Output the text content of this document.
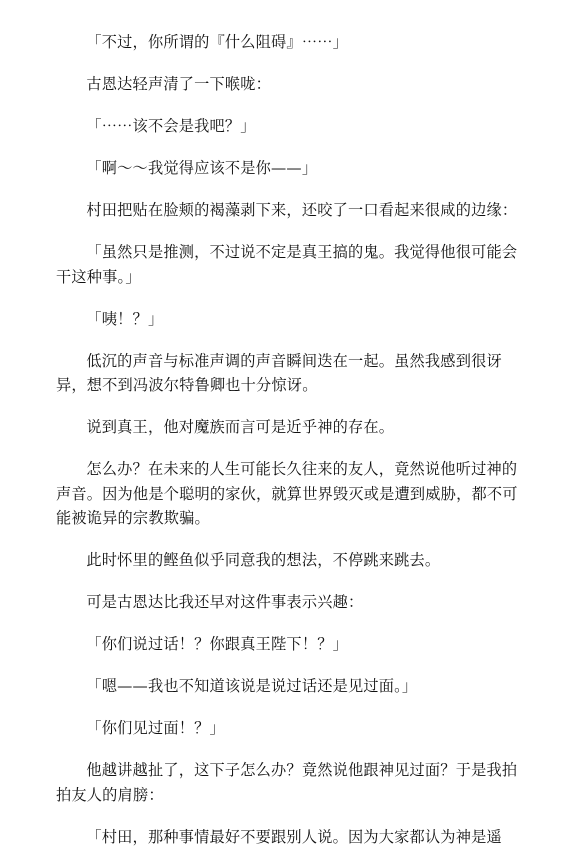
「不过，你所谓的『什么阻碍』⋯⋯」

古恩达轻声清了一下喉咙：

「⋯⋯该不会是我吧？」

「啊～～我觉得应该不是你——」

村田把贴在脸颊的褐藻剥下来，还咬了一口看起来很咸的边缘：

「虽然只是推测，不过说不定是真王搞的鬼。我觉得他很可能会干这种事。」

「咦！？」

低沉的声音与标准声调的声音瞬间迭在一起。虽然我感到很讶异，想不到冯波尔特鲁卿也十分惊讶。

说到真王，他对魔族而言可是近乎神的存在。

怎么办？在未来的人生可能长久往来的友人，竟然说他听过神的声音。因为他是个聪明的家伙，就算世界毁灭或是遭到威胁，都不可能被诡异的宗教欺骗。

此时怀里的鲣鱼似乎同意我的想法，不停跳来跳去。

可是古恩达比我还早对这件事表示兴趣：

「你们说过话！？你跟真王陛下！？」

「嗯——我也不知道该说是说过话还是见过面。」

「你们见过面！？」

他越讲越扯了，这下子怎么办？竟然说他跟神见过面？于是我拍拍友人的肩膀：

「村田，那种事情最好不要跟别人说。因为大家都认为神是遥
